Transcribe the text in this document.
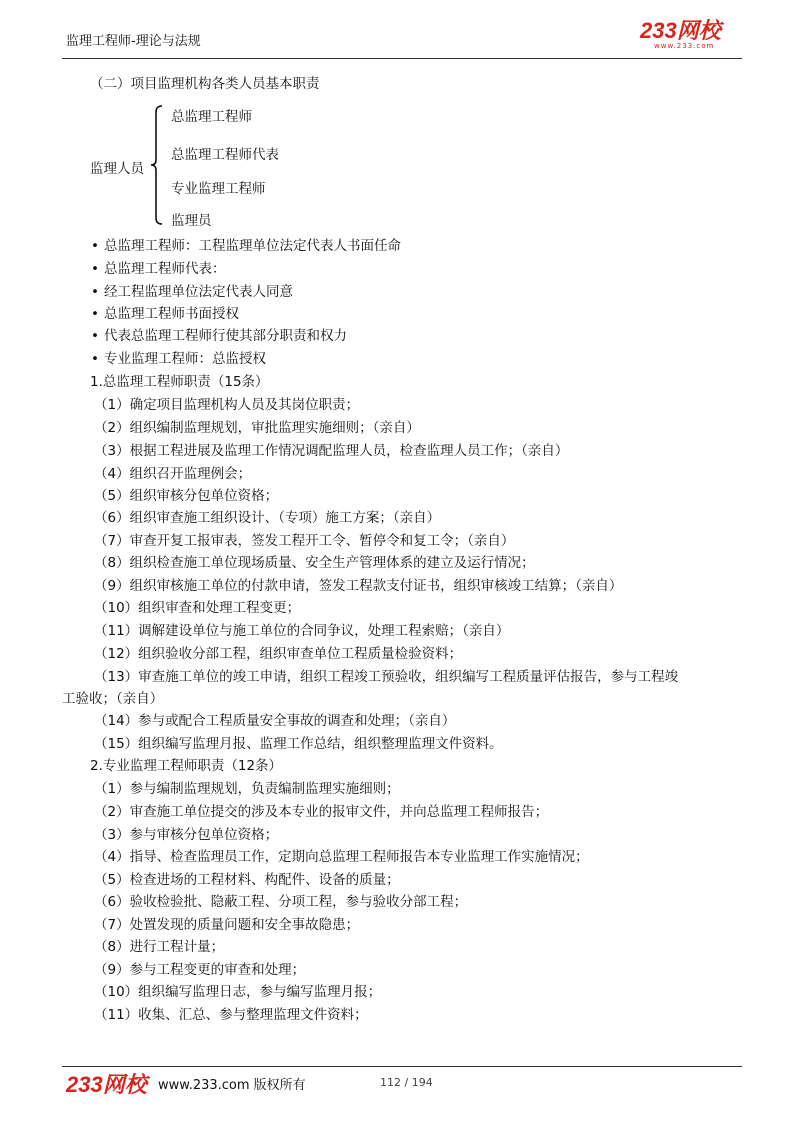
监理工程师-理论与法规	233网校
www.233.com
（二）项目监理机构各类人员基本职责
监理人员
总监理工程师
总监理工程师代表
专业监理工程师
监理员
• 总监理工程师：工程监理单位法定代表人书面任命
• 总监理工程师代表：
• 经工程监理单位法定代表人同意
• 总监理工程师书面授权
• 代表总监理工程师行使其部分职责和权力
• 专业监理工程师：总监授权
1.总监理工程师职责（15条）
（1）确定项目监理机构人员及其岗位职责；
（2）组织编制监理规划，审批监理实施细则；（亲自）
（3）根据工程进展及监理工作情况调配监理人员，检查监理人员工作；（亲自）
（4）组织召开监理例会；
（5）组织审核分包单位资格；
（6）组织审查施工组织设计、（专项）施工方案；（亲自）
（7）审查开复工报审表，签发工程开工令、暂停令和复工令；（亲自）
（8）组织检查施工单位现场质量、安全生产管理体系的建立及运行情况；
（9）组织审核施工单位的付款申请，签发工程款支付证书，组织审核竣工结算；（亲自）
（10）组织审查和处理工程变更；
（11）调解建设单位与施工单位的合同争议，处理工程索赔；（亲自）
（12）组织验收分部工程，组织审查单位工程质量检验资料；
（13）审查施工单位的竣工申请，组织工程竣工预验收，组织编写工程质量评估报告，参与工程竣
工验收；（亲自）
（14）参与或配合工程质量安全事故的调查和处理；（亲自）
（15）组织编写监理月报、监理工作总结，组织整理监理文件资料。
2.专业监理工程师职责（12条）
（1）参与编制监理规划，负责编制监理实施细则；
（2）审查施工单位提交的涉及本专业的报审文件，并向总监理工程师报告；
（3）参与审核分包单位资格；
（4）指导、检查监理员工作，定期向总监理工程师报告本专业监理工作实施情况；
（5）检查进场的工程材料、构配件、设备的质量；
（6）验收检验批、隐蔽工程、分项工程，参与验收分部工程；
（7）处置发现的质量问题和安全事故隐患；
（8）进行工程计量；
（9）参与工程变更的审查和处理；
（10）组织编写监理日志，参与编写监理月报；
（11）收集、汇总、参与整理监理文件资料；
233网校 www.233.com 版权所有	112 / 194
